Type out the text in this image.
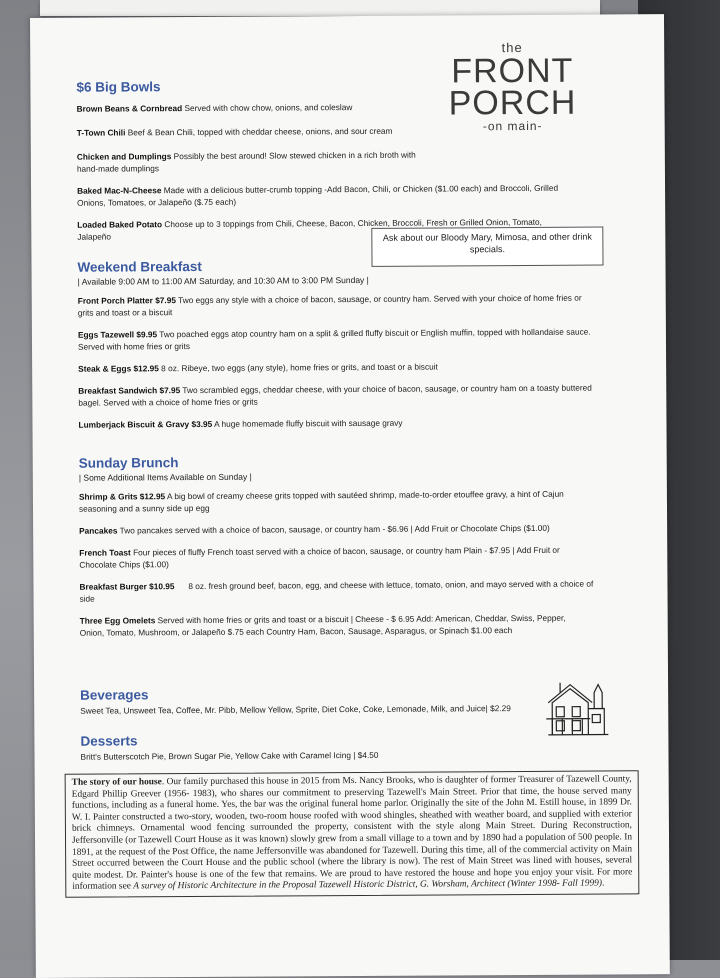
the
FRONT
PORCH
-on main-
Ask about our Bloody Mary, Mimosa, and other drink specials.
$6 Big Bowls
Brown Beans & Cornbread Served with chow chow, onions, and coleslaw
T-Town Chili Beef & Bean Chili, topped with cheddar cheese, onions, and sour cream
Chicken and Dumplings Possibly the best around! Slow stewed chicken in a rich broth with hand-made dumplings
Baked Mac-N-Cheese Made with a delicious butter-crumb topping -Add Bacon, Chili, or Chicken ($1.00 each) and Broccoli, Grilled Onions, Tomatoes, or Jalapeño ($.75 each)
Loaded Baked Potato Choose up to 3 toppings from Chili, Cheese, Bacon, Chicken, Broccoli, Fresh or Grilled Onion, Tomato, Jalapeño
Weekend Breakfast
| Available 9:00 AM to 11:00 AM Saturday, and 10:30 AM to 3:00 PM Sunday |
Front Porch Platter $7.95 Two eggs any style with a choice of bacon, sausage, or country ham. Served with your choice of home fries or grits and toast or a biscuit
Eggs Tazewell $9.95 Two poached eggs atop country ham on a split & grilled fluffy biscuit or English muffin, topped with hollandaise sauce. Served with home fries or grits
Steak & Eggs $12.95 8 oz. Ribeye, two eggs (any style), home fries or grits, and toast or a biscuit
Breakfast Sandwich $7.95 Two scrambled eggs, cheddar cheese, with your choice of bacon, sausage, or country ham on a toasty buttered bagel. Served with a choice of home fries or grits
Lumberjack Biscuit & Gravy $3.95 A huge homemade fluffy biscuit with sausage gravy
Sunday Brunch
| Some Additional Items Available on Sunday |
Shrimp & Grits $12.95 A big bowl of creamy cheese grits topped with sautéed shrimp, made-to-order etouffee gravy, a hint of Cajun seasoning and a sunny side up egg
Pancakes Two pancakes served with a choice of bacon, sausage, or country ham - $6.96 | Add Fruit or Chocolate Chips ($1.00)
French Toast Four pieces of fluffy French toast served with a choice of bacon, sausage, or country ham Plain - $7.95 | Add Fruit or Chocolate Chips ($1.00)
Breakfast Burger $10.95      8 oz. fresh ground beef, bacon, egg, and cheese with lettuce, tomato, onion, and mayo served with a choice of side
Three Egg Omelets Served with home fries or grits and toast or a biscuit | Cheese - $ 6.95 Add: American, Cheddar, Swiss, Pepper, Onion, Tomato, Mushroom, or Jalapeño $.75 each Country Ham, Bacon, Sausage, Asparagus, or Spinach $1.00 each
Beverages
Sweet Tea, Unsweet Tea, Coffee, Mr. Pibb, Mellow Yellow, Sprite, Diet Coke, Coke, Lemonade, Milk, and Juice| $2.29
Desserts
Britt's Butterscotch Pie, Brown Sugar Pie, Yellow Cake with Caramel Icing | $4.50
The story of our house. Our family purchased this house in 2015 from Ms. Nancy Brooks, who is daughter of former Treasurer of Tazewell County, Edgard Phillip Greever (1956- 1983), who shares our commitment to preserving Tazewell's Main Street. Prior that time, the house served many functions, including as a funeral home. Yes, the bar was the original funeral home parlor. Originally the site of the John M. Estill house, in 1899 Dr. W. I. Painter constructed a two-story, wooden, two-room house roofed with wood shingles, sheathed with weather board, and supplied with exterior brick chimneys. Ornamental wood fencing surrounded the property, consistent with the style along Main Street. During Reconstruction, Jeffersonville (or Tazewell Court House as it was known) slowly grew from a small village to a town and by 1890 had a population of 500 people. In 1891, at the request of the Post Office, the name Jeffersonville was abandoned for Tazewell. During this time, all of the commercial activity on Main Street occurred between the Court House and the public school (where the library is now). The rest of Main Street was lined with houses, several quite modest. Dr. Painter's house is one of the few that remains. We are proud to have restored the house and hope you enjoy your visit. For more information see A survey of Historic Architecture in the Proposal Tazewell Historic District, G. Worsham, Architect (Winter 1998- Fall 1999).
